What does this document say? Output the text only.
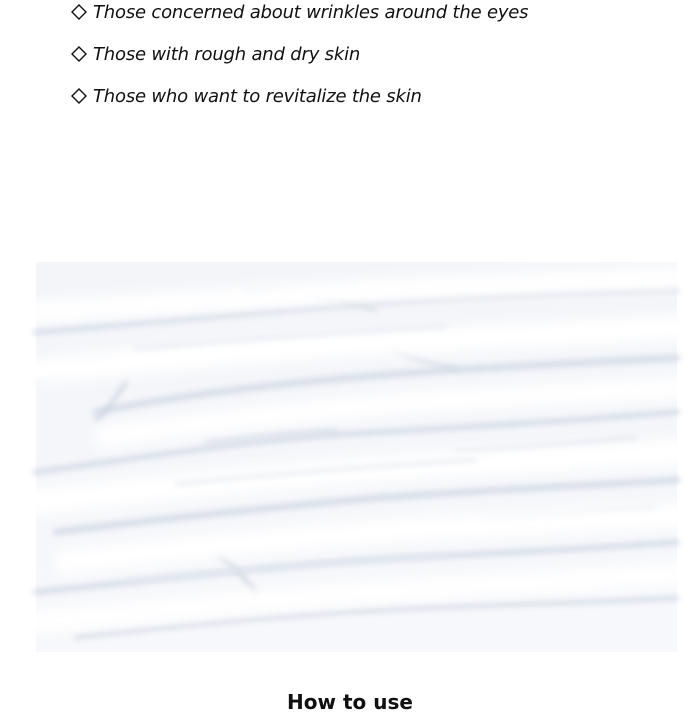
Those concerned about wrinkles around the eyes
Those with rough and dry skin
Those who want to revitalize the skin
How to use
